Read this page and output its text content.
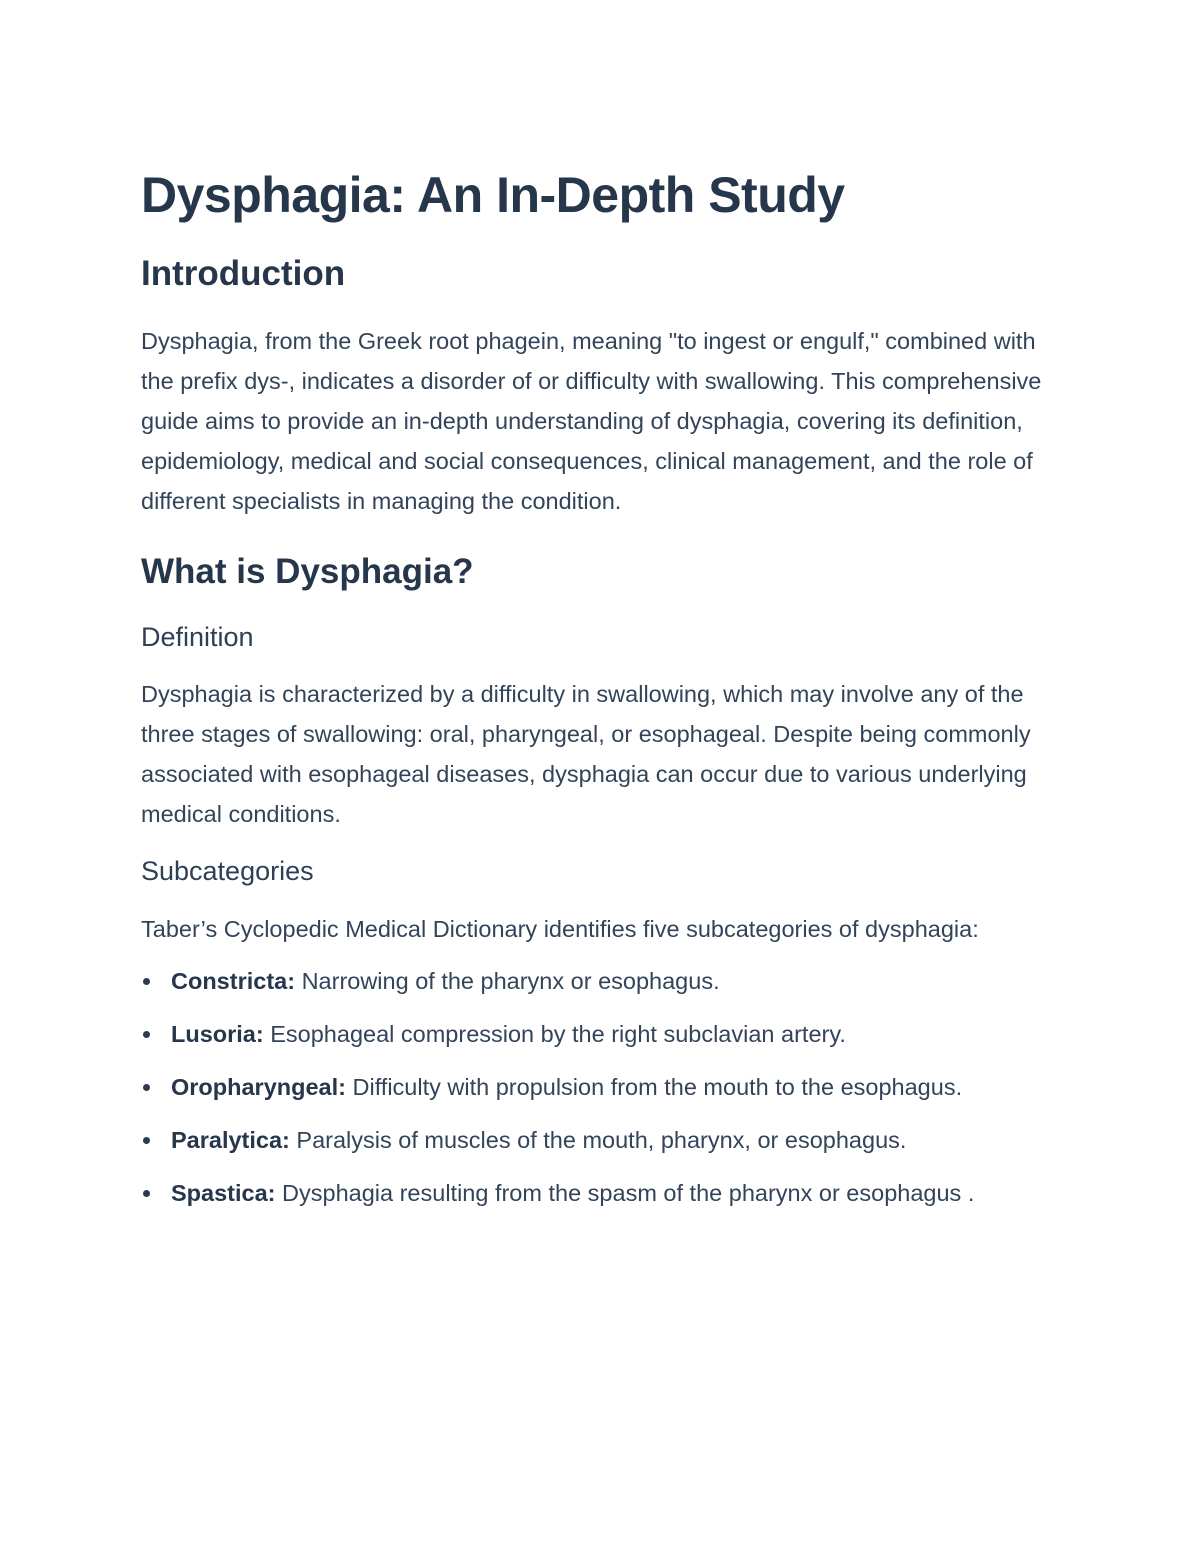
Dysphagia: An In-Depth Study
Introduction

Dysphagia, from the Greek root phagein, meaning "to ingest or engulf," combined with the prefix dys-, indicates a disorder of or difficulty with swallowing. This comprehensive guide aims to provide an in-depth understanding of dysphagia, covering its definition, epidemiology, medical and social consequences, clinical management, and the role of different specialists in managing the condition.

What is Dysphagia?
Definition

Dysphagia is characterized by a difficulty in swallowing, which may involve any of the three stages of swallowing: oral, pharyngeal, or esophageal. Despite being commonly associated with esophageal diseases, dysphagia can occur due to various underlying medical conditions.

Subcategories

Taber’s Cyclopedic Medical Dictionary identifies five subcategories of dysphagia:

Constricta: Narrowing of the pharynx or esophagus.
Lusoria: Esophageal compression by the right subclavian artery.
Oropharyngeal: Difficulty with propulsion from the mouth to the esophagus.
Paralytica: Paralysis of muscles of the mouth, pharynx, or esophagus.
Spastica: Dysphagia resulting from the spasm of the pharynx or esophagus .
